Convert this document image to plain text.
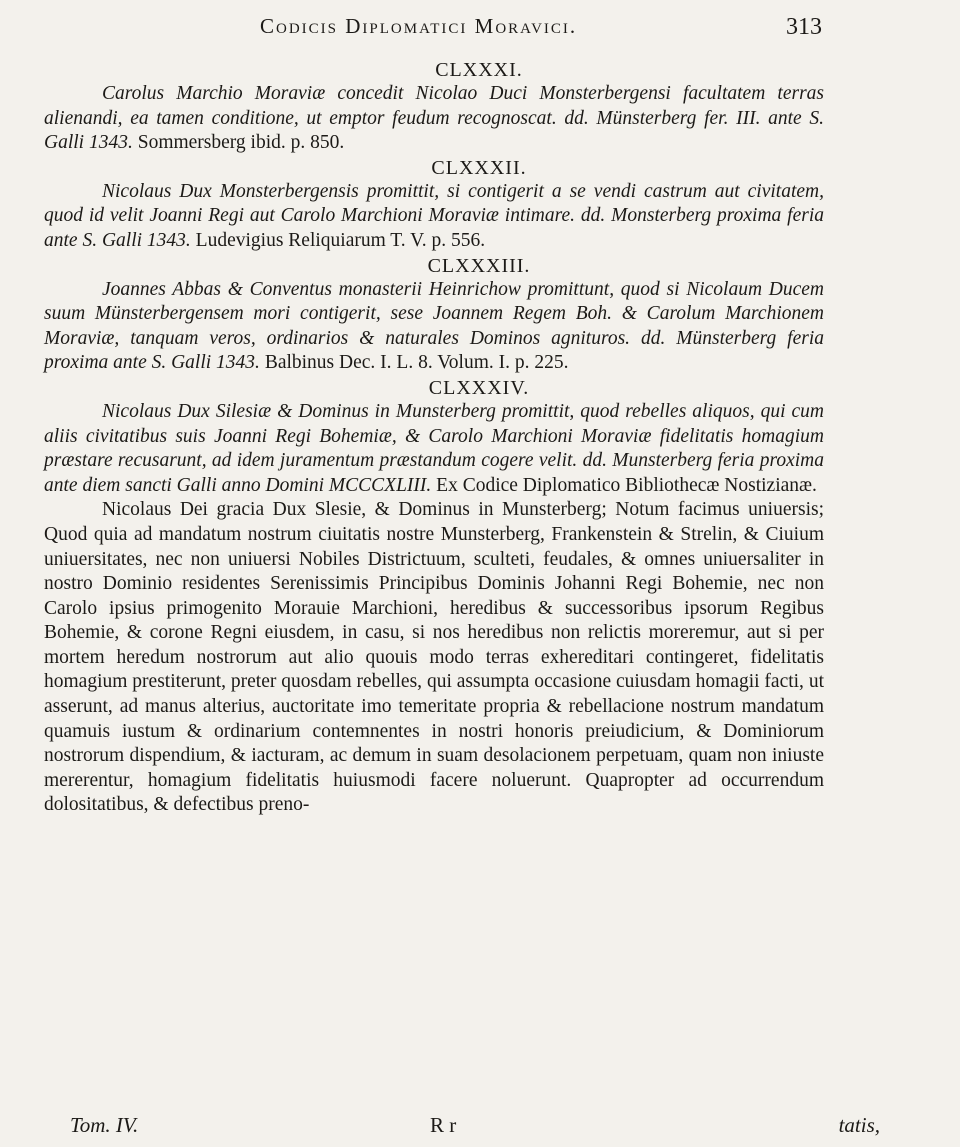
Codicis Diplomatici Moravici.	313
CLXXXI.

Carolus Marchio Moraviæ concedit Nicolao Duci Monsterbergensi facultatem terras alienandi, ea tamen conditione, ut emptor feudum recognoscat. dd. Münsterberg fer. III. ante S. Galli 1343. Sommersberg ibid. p. 850.

CLXXXII.

Nicolaus Dux Monsterbergensis promittit, si contigerit a se vendi castrum aut civitatem, quod id velit Joanni Regi aut Carolo Marchioni Moraviæ intimare. dd. Monsterberg proxima feria ante S. Galli 1343. Ludevigius Reliquiarum T. V. p. 556.

CLXXXIII.

Joannes Abbas & Conventus monasterii Heinrichow promittunt, quod si Nicolaum Ducem suum Münsterbergensem mori contigerit, sese Joannem Regem Boh. & Carolum Marchionem Moraviæ, tanquam veros, ordinarios & naturales Dominos agnituros. dd. Münsterberg feria proxima ante S. Galli 1343. Balbinus Dec. I. L. 8. Volum. I. p. 225.

CLXXXIV.

Nicolaus Dux Silesiæ & Dominus in Munsterberg promittit, quod rebelles aliquos, qui cum aliis civitatibus suis Joanni Regi Bohemiæ, & Carolo Marchioni Moraviæ fidelitatis homagium præstare recusarunt, ad idem juramentum præstandum cogere velit. dd. Munsterberg feria proxima ante diem sancti Galli anno Domini MCCCXLIII. Ex Codice Diplomatico Bibliothecæ Nostizianæ.

Nicolaus Dei gracia Dux Slesie, & Dominus in Munsterberg; Notum facimus uniuersis; Quod quia ad mandatum nostrum ciuitatis nostre Munsterberg, Frankenstein & Strelin, & Ciuium uniuersitates, nec non uniuersi Nobiles Districtuum, sculteti, feudales, & omnes uniuersaliter in nostro Dominio residentes Serenissimis Principibus Dominis Johanni Regi Bohemie, nec non Carolo ipsius primogenito Morauie Marchioni, heredibus & successoribus ipsorum Regibus Bohemie, & corone Regni eiusdem, in casu, si nos heredibus non relictis moreremur, aut si per mortem heredum nostrorum aut alio quouis modo terras exhereditari contingeret, fidelitatis homagium prestiterunt, preter quosdam rebelles, qui assumpta occasione cuiusdam homagii facti, ut asserunt, ad manus alterius, auctoritate imo temeritate propria & rebellacione nostrum mandatum quamuis iustum & ordinarium contemnentes in nostri honoris preiudicium, & Dominiorum nostrorum dispendium, & iacturam, ac demum in suam desolacionem perpetuam, quam non iniuste mererentur, homagium fidelitatis huiusmodi facere noluerunt. Quapropter ad occurrendum dolositatibus, & defectibus preno-

Tom. IV.	R r	tatis,
